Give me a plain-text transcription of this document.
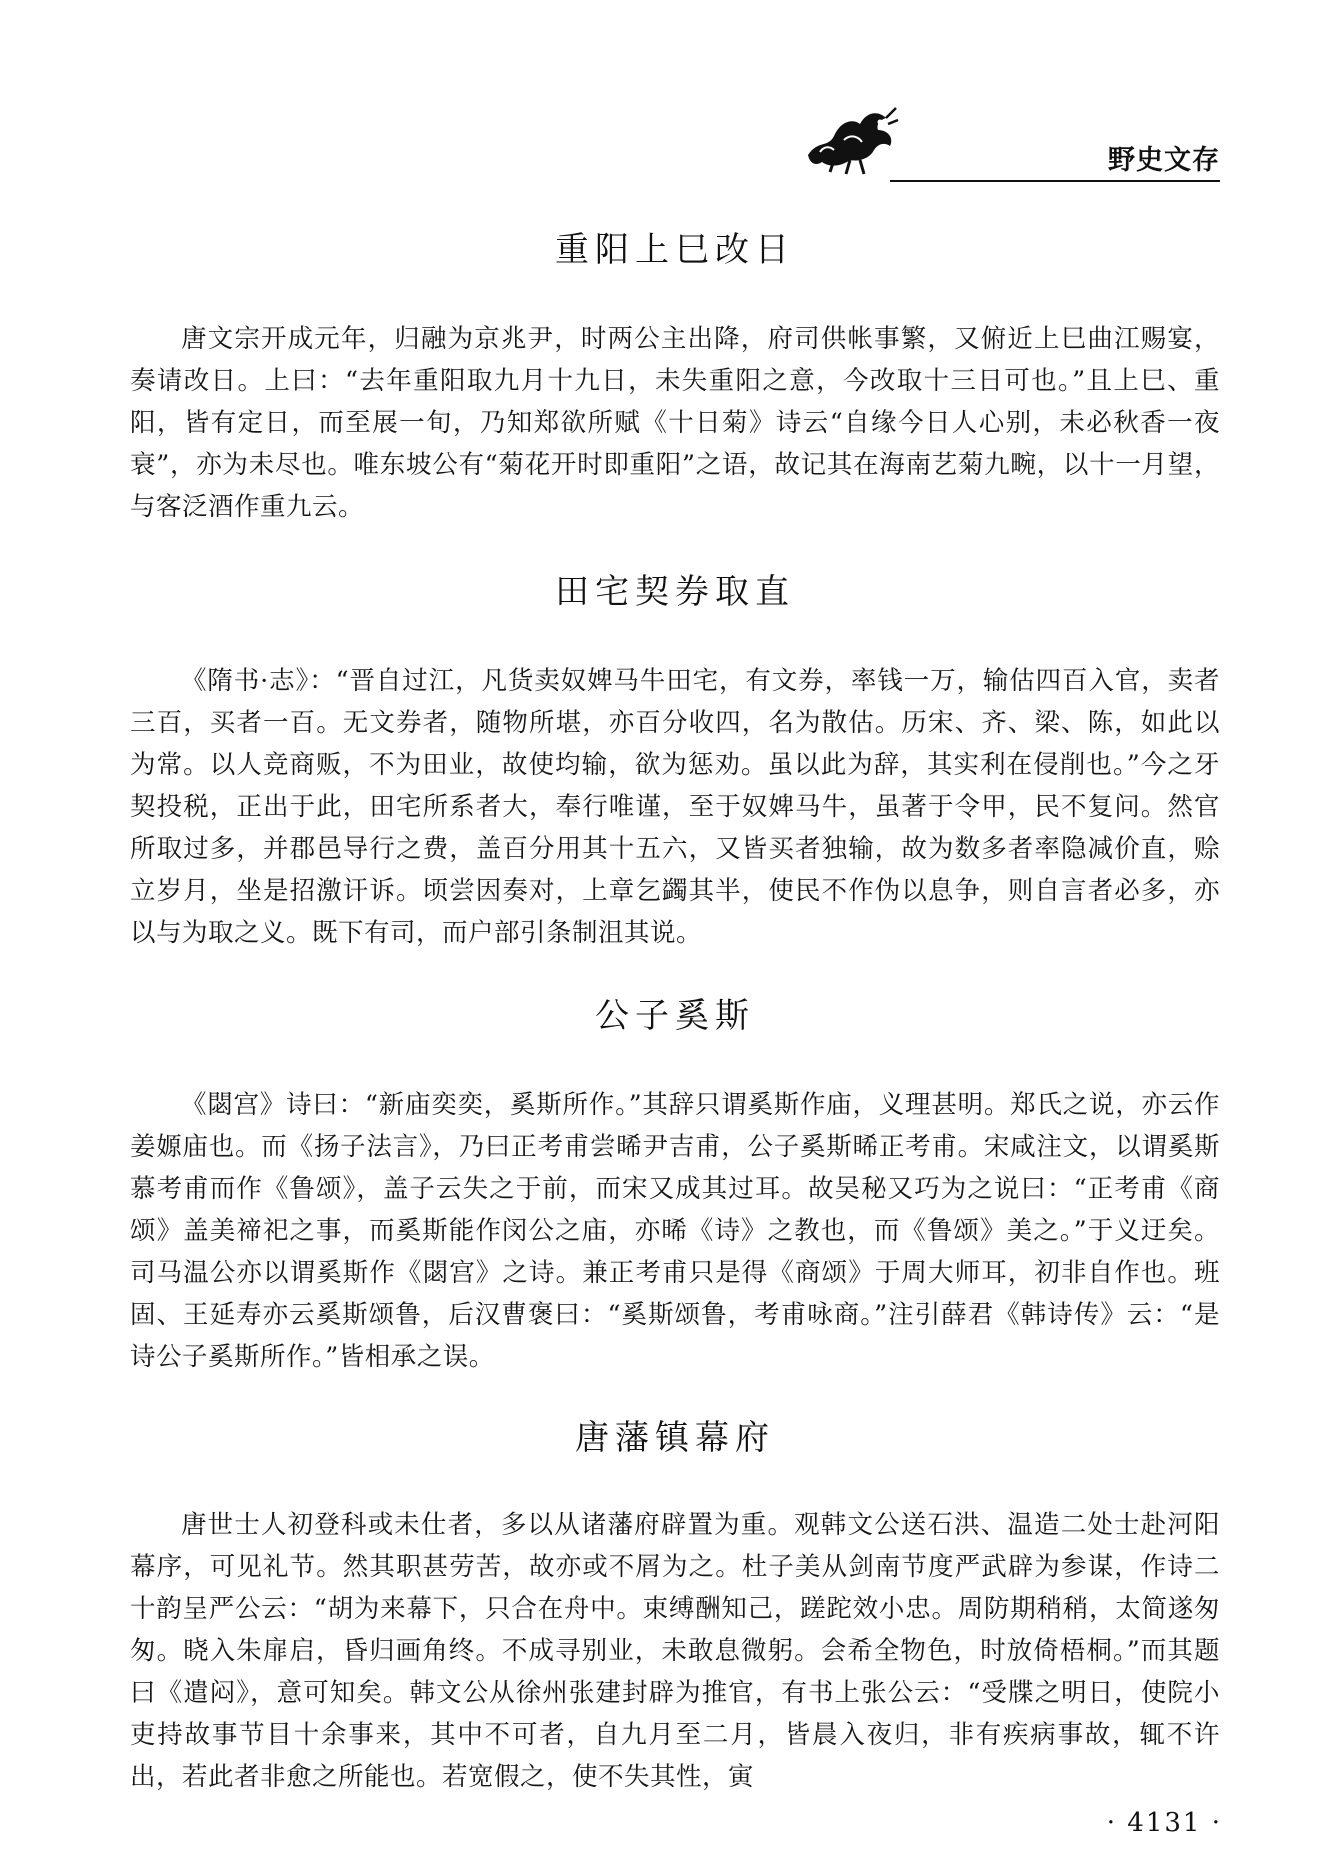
野史文存
重阳上巳改日

唐文宗开成元年，归融为京兆尹，时两公主出降，府司供帐事繁，又俯近上巳曲江赐宴，奏请改日。上曰：“去年重阳取九月十九日，未失重阳之意，今改取十三日可也。”且上巳、重阳，皆有定日，而至展一旬，乃知郑欲所赋《十日菊》诗云“自缘今日人心别，未必秋香一夜衰”，亦为未尽也。唯东坡公有“菊花开时即重阳”之语，故记其在海南艺菊九畹，以十一月望，与客泛酒作重九云。

田宅契券取直

《隋书·志》：“晋自过江，凡货卖奴婢马牛田宅，有文券，率钱一万，输估四百入官，卖者三百，买者一百。无文券者，随物所堪，亦百分收四，名为散估。历宋、齐、梁、陈，如此以为常。以人竞商贩，不为田业，故使均输，欲为惩劝。虽以此为辞，其实利在侵削也。”今之牙契投税，正出于此，田宅所系者大，奉行唯谨，至于奴婢马牛，虽著于令甲，民不复问。然官所取过多，并郡邑导行之费，盖百分用其十五六，又皆买者独输，故为数多者率隐减价直，赊立岁月，坐是招激讦诉。顷尝因奏对，上章乞蠲其半，使民不作伪以息争，则自言者必多，亦以与为取之义。既下有司，而户部引条制沮其说。

公子奚斯

《閟宫》诗曰：“新庙奕奕，奚斯所作。”其辞只谓奚斯作庙，义理甚明。郑氏之说，亦云作姜嫄庙也。而《扬子法言》，乃曰正考甫尝晞尹吉甫，公子奚斯晞正考甫。宋咸注文，以谓奚斯慕考甫而作《鲁颂》，盖子云失之于前，而宋又成其过耳。故吴秘又巧为之说曰：“正考甫《商颂》盖美禘祀之事，而奚斯能作闵公之庙，亦晞《诗》之教也，而《鲁颂》美之。”于义迂矣。司马温公亦以谓奚斯作《閟宫》之诗。兼正考甫只是得《商颂》于周大师耳，初非自作也。班固、王延寿亦云奚斯颂鲁，后汉曹褒曰：“奚斯颂鲁，考甫咏商。”注引薛君《韩诗传》云：“是诗公子奚斯所作。”皆相承之误。

唐藩镇幕府

唐世士人初登科或未仕者，多以从诸藩府辟置为重。观韩文公送石洪、温造二处士赴河阳幕序，可见礼节。然其职甚劳苦，故亦或不屑为之。杜子美从剑南节度严武辟为参谋，作诗二十韵呈严公云：“胡为来幕下，只合在舟中。束缚酬知己，蹉跎效小忠。周防期稍稍，太简遂匆匆。晓入朱扉启，昏归画角终。不成寻别业，未敢息微躬。会希全物色，时放倚梧桐。”而其题曰《遣闷》，意可知矣。韩文公从徐州张建封辟为推官，有书上张公云：“受牒之明日，使院小吏持故事节目十余事来，其中不可者，自九月至二月，皆晨入夜归，非有疾病事故，辄不许出，若此者非愈之所能也。若宽假之，使不失其性，寅

· 4131 ·
